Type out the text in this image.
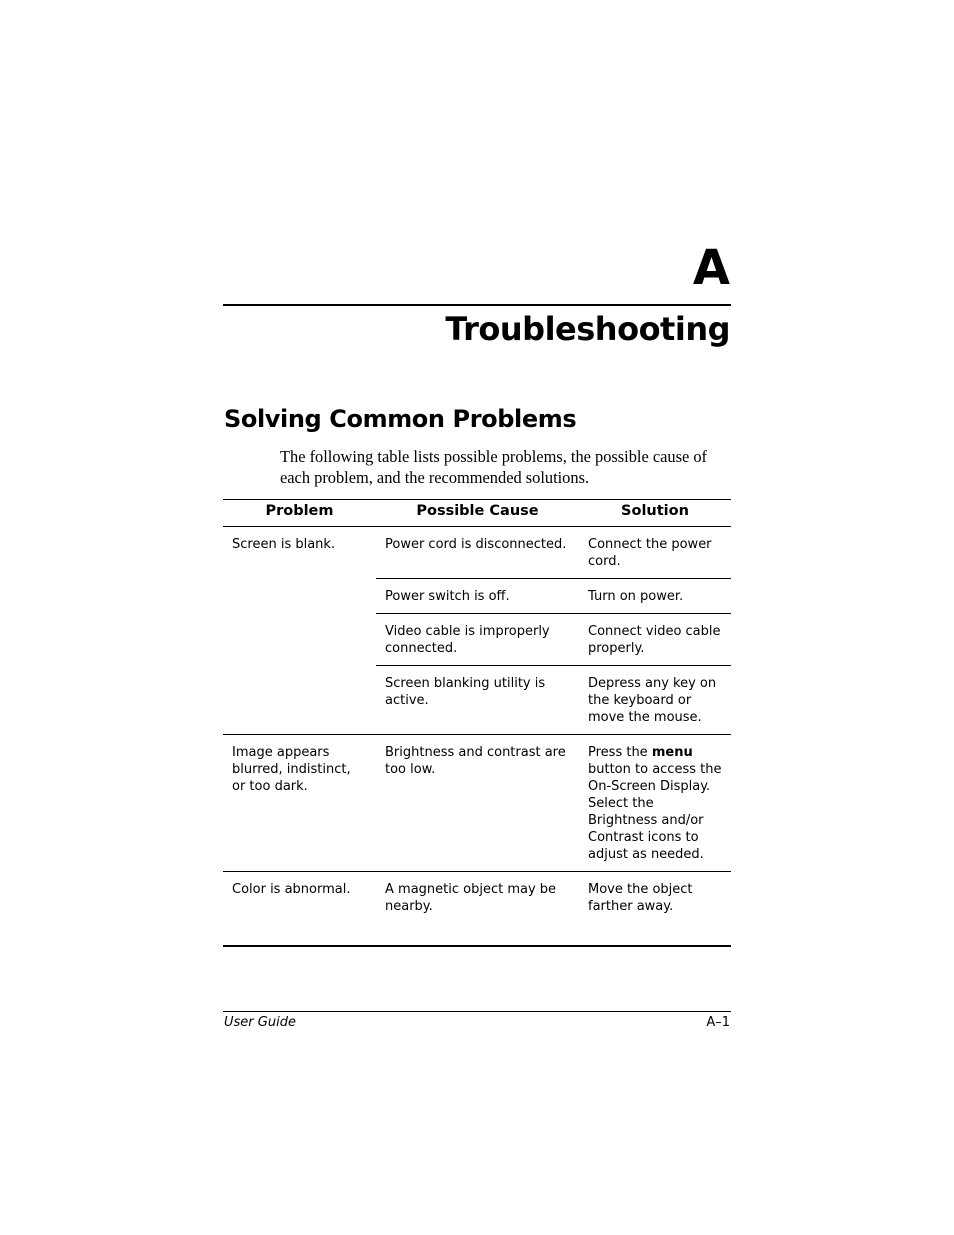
A
Troubleshooting
Solving Common Problems
The following table lists possible problems, the possible cause of each problem, and the recommended solutions.
Problem	Possible Cause	Solution
Screen is blank.	Power cord is disconnected.	Connect the power cord.
	Power switch is off.	Turn on power.
	Video cable is improperly connected.	Connect video cable properly.
	Screen blanking utility is active.	Depress any key on the keyboard or move the mouse.
Image appears blurred, indistinct, or too dark.	Brightness and contrast are too low.	Press the menu button to access the On-Screen Display. Select the Brightness and/or Contrast icons to adjust as needed.
Color is abnormal.	A magnetic object may be nearby.	Move the object farther away.
User Guide	A–1
